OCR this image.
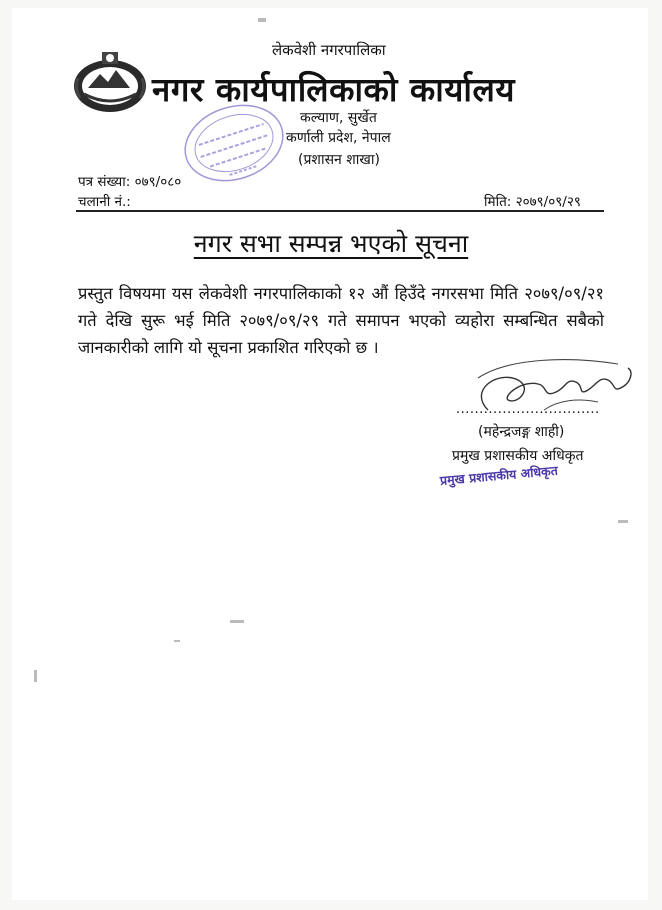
लेकवेशी नगरपालिका
नगर कार्यपालिकाको कार्यालय
कल्याण, सुर्खेत
कर्णाली प्रदेश, नेपाल
(प्रशासन शाखा)
पत्र संख्या: ०७९/०८०
चलानी नं.:	मिति: २०७९/०९/२९
नगर सभा सम्पन्न भएको सूचना
प्रस्तुत विषयमा यस लेकवेशी नगरपालिकाको १२ औं हिउँदे नगरसभा मिति २०७९/०९/२१ गते देखि सुरू भई मिति २०७९/०९/२९ गते समापन भएको व्यहोरा सम्बन्धित सबैको जानकारीको लागि यो सूचना प्रकाशित गरिएको छ ।
...............................
(महेन्द्रजङ्ग शाही)
प्रमुख प्रशासकीय अधिकृत
प्रमुख प्रशासकीय अधिकृत
